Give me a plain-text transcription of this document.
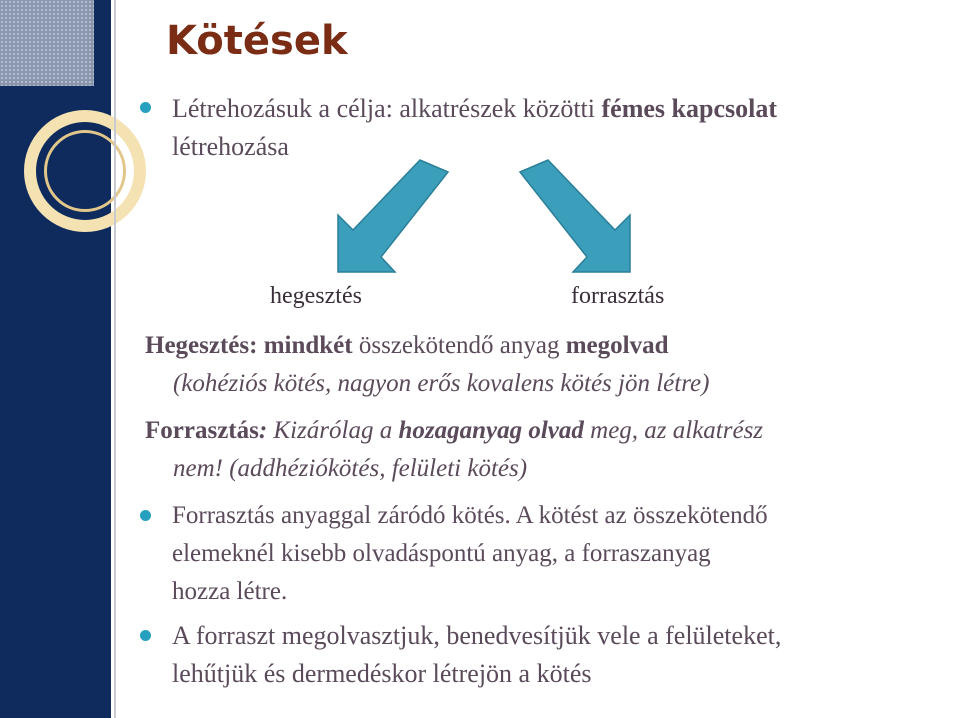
Kötések

Létrehozásuk a célja: alkatrészek közötti fémes kapcsolat
létrehozása

hegesztés	forrasztás

Hegesztés: mindkét összekötendő anyag megolvad
(kohéziós kötés, nagyon erős kovalens kötés jön létre)

Forrasztás: Kizárólag a hozaganyag olvad meg, az alkatrész
nem! (addhéziókötés, felületi kötés)

Forrasztás anyaggal záródó kötés. A kötést az összekötendő
elemeknél kisebb olvadáspontú anyag, a forraszanyag
hozza létre.

A forraszt megolvasztjuk, benedvesítjük vele a felületeket,
lehűtjük és dermedéskor létrejön a kötés
